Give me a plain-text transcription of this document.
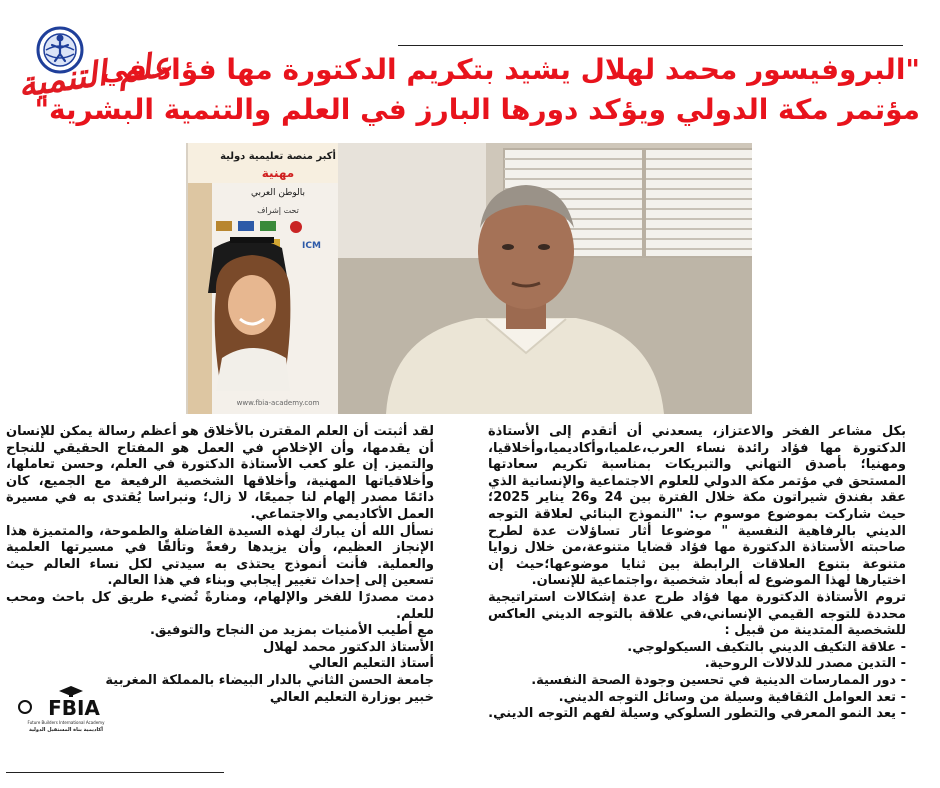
علم التنمية
"البروفيسور محمد لهلال يشيد بتكريم الدكتورة مها فؤاد في
مؤتمر مكة الدولي ويؤكد دورها البارز في العلم والتنمية البشرية"
أكبر منصة تعليمية دولية
مهنية
بالوطن العربي
تحت إشراف
ICM
www.fbia-academy.com

بكل مشاعر الفخر والاعتزاز، يسعدني أن أتقدم إلى الأستاذة الدكتورة مها فؤاد رائدة نساء العرب،علميا،وأكاديميا،وأخلاقيا، ومهنيا؛ بأصدق التهاني والتبريكات بمناسبة تكريم سعادتها المستحق في مؤتمر مكة الدولي للعلوم الاجتماعية والإنسانية الذي عقد بفندق شيراتون مكة خلال الفترة بين 24 و26 يناير 2025؛ حيث شاركت بموضوع موسوم ب: "النموذج البنائي لعلاقة التوجه الديني بالرفاهية النفسية " موضوعا أثار تساؤلات عدة لطرح صاحبته الأستاذة الدكتورة مها فؤاد قضايا متنوعة،من خلال زوايا متنوعة بتنوع العلاقات الرابطة بين ثنايا موضوعها؛حيث إن اختيارها لهذا الموضوع له أبعاد شخصية ،واجتماعية للإنسان.

تروم الأستاذة الدكتورة مها فؤاد طرح عدة إشكالات استراتيجية محددة للتوجه القيمي الإنساني،في علاقة بالتوجه الديني العاكس للشخصية المتدينة من قبيل :

- علاقة التكيف الديني بالتكيف السيكولوجي.

- التدين مصدر للدلالات الروحية.

- دور الممارسات الدينية في تحسين وجودة الصحة النفسية.

- تعد العوامل الثقافية وسيلة من وسائل التوجه الديني.

- يعد النمو المعرفي والتطور السلوكي وسيلة لفهم التوجه الديني.

لقد أثبتت أن العلم المقترن بالأخلاق هو أعظم رسالة يمكن للإنسان أن يقدمها، وأن الإخلاص في العمل هو المفتاح الحقيقي للنجاح والتميز. إن علو كعب الأستاذة الدكتورة في العلم، وحسن تعاملها، وأخلاقياتها المهنية، وأخلاقها الشخصية الرفيعة مع الجميع، كان دائمًا مصدر إلهام لنا جميعًا، لا زال؛ ونبراسا يُقتدى به في مسيرة العمل الأكاديمي والاجتماعي.

نسأل الله أن يبارك لهذه السيدة الفاضلة والطموحة، والمتميزة هذا الإنجاز العظيم، وأن يزيدها رفعةً وتألقًا في مسيرتها العلمية والعملية. فأنت أنموذج يحتذى به سيدتي لكل نساء العالم حيث تسعين إلى إحداث تغيير إيجابي وبناء في هذا العالم.

دمت مصدرًا للفخر والإلهام، ومنارةً تُضيء طريق كل باحث ومحب للعلم.

مع أطيب الأمنيات بمزيد من النجاح والتوفيق.

الأستاذ الدكتور محمد لهلال

أستاذ التعليم العالي

جامعة الحسن الثاني بالدار البيضاء بالمملكة المغربية

خبير بوزارة التعليم العالي

FBIA
Future Builders International Academy
أكاديمية بناة المستقبل الدولية
